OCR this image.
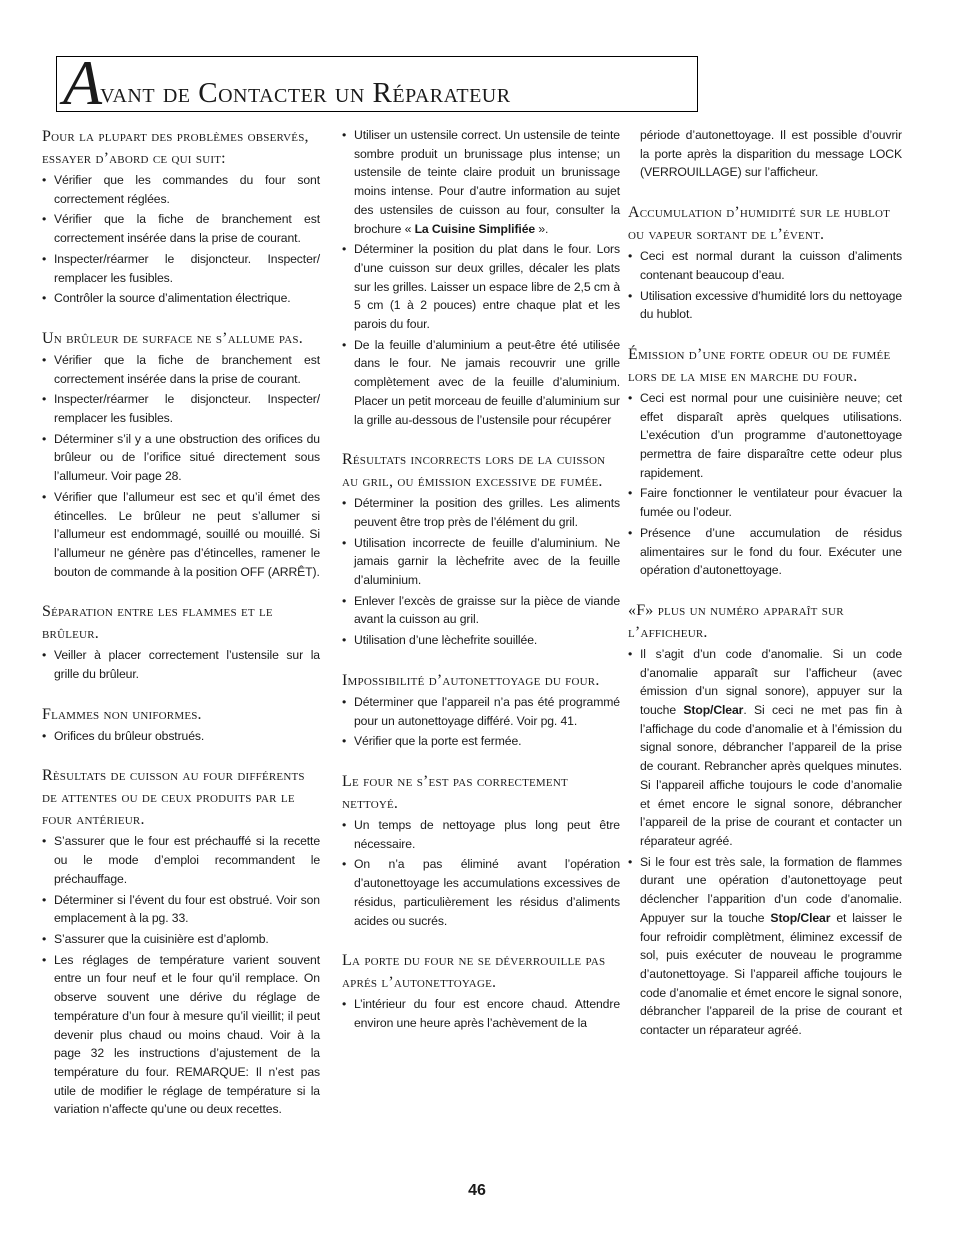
A
vant de Contacter un Réparateur
Pour la plupart des problèmes observés, essayer d’abord ce qui suit:
• Vérifier que les commandes du four sont correctement réglées.
• Vérifier que la fiche de branchement est correctement insérée dans la prise de courant.
• Inspecter/réarmer le disjoncteur. Inspecter/ remplacer les fusibles.
• Contrôler la source d’alimentation électrique.
Un brûleur de surface ne s’allume pas.
• Vérifier que la fiche de branchement est correctement insérée dans la prise de courant.
• Inspecter/réarmer le disjoncteur. Inspecter/ remplacer les fusibles.
• Déterminer s’il y a une obstruction des orifices du brûleur ou de l’orifice situé directement sous l’allumeur. Voir page 28.
• Vérifier que l’allumeur est sec et qu’il émet des étincelles. Le brûleur ne peut s’allumer si l’allumeur est endommagé, souillé ou mouillé. Si l’allumeur ne génère pas d’étincelles, ramener le bouton de commande à la position OFF (ARRÊT).
Séparation entre les flammes et le brûleur.
• Veiller à placer correctement l’ustensile sur la grille du brûleur.
Flammes non uniformes.
• Orifices du brûleur obstrués.
Rèsultats de cuisson au four différents de attentes ou de ceux produits par le four antérieur.
• S’assurer que le four est préchauffé si la recette ou le mode d’emploi recommandent le préchauffage.
• Déterminer si l’évent du four est obstrué. Voir son emplacement à la pg. 33.
• S’assurer que la cuisinière est d’aplomb.
• Les réglages de température varient souvent entre un four neuf et le four qu’il remplace. On observe souvent une dérive du réglage de température d’un four à mesure qu’il vieillit; il peut devenir plus chaud ou moins chaud. Voir à la page 32 les instructions d’ajustement de la température du four. REMARQUE: Il n’est pas utile de modifier le réglage de température si la variation n’affecte qu’une ou deux recettes.
• Utiliser un ustensile correct. Un ustensile de teinte sombre produit un brunissage plus intense; un ustensile de teinte claire produit un brunissage moins intense. Pour d’autre information au sujet des ustensiles de cuisson au four, consulter la brochure « La Cuisine Simplifiée ».
• Déterminer la position du plat dans le four. Lors d’une cuisson sur deux grilles, décaler les plats sur les grilles. Laisser un espace libre de 2,5 cm à 5 cm (1 à 2 pouces) entre chaque plat et les parois du four.
• De la feuille d’aluminium a peut-être été utilisée dans le four. Ne jamais recouvrir une grille complètement avec de la feuille d’aluminium. Placer un petit morceau de feuille d’aluminium sur la grille au-dessous de l’ustensile pour récupérer
Résultats incorrects lors de la cuisson au gril, ou émission excessive de fumée.
• Déterminer la position des grilles. Les aliments peuvent être trop près de l’élément du gril.
• Utilisation incorrecte de feuille d’aluminium. Ne jamais garnir la lèchefrite avec de la feuille d’aluminium.
• Enlever l’excès de graisse sur la pièce de viande avant la cuisson au gril.
• Utilisation d’une lèchefrite souillée.
Impossibilité d’autonettoyage du four.
• Déterminer que l’appareil n’a pas été programmé pour un autonettoyage différé. Voir pg. 41.
• Vérifier que la porte est fermée.
Le four ne s’est pas correctement nettoyé.
• Un temps de nettoyage plus long peut être nécessaire.
• On n’a pas éliminé avant l’opération d’autonettoyage les accumulations excessives de résidus, particulièrement les résidus d’aliments acides ou sucrés.
La porte du four ne se déverrouille pas aprés l’autonettoyage.
• L’intérieur du four est encore chaud. Attendre environ une heure après l’achèvement de la
période d’autonettoyage. Il est possible d’ouvrir la porte après la disparition du message LOCK (VERROUILLAGE) sur l’afficheur.
Accumulation d’humidité sur le hublot ou vapeur sortant de l’évent.
• Ceci est normal durant la cuisson d’aliments contenant beaucoup d’eau.
• Utilisation excessive d’humidité lors du nettoyage du hublot.
Émission d’une forte odeur ou de fumée lors de la mise en marche du four.
• Ceci est normal pour une cuisinière neuve; cet effet disparaît après quelques utilisations. L’exécution d’un programme d’autonettoyage permettra de faire disparaître cette odeur plus rapidement.
• Faire fonctionner le ventilateur pour évacuer la fumée ou l’odeur.
• Présence d’une accumulation de résidus alimentaires sur le fond du four. Exécuter une opération d’autonettoyage.
«F» plus un numéro apparaît sur l’afficheur.
• Il s’agit d’un code d’anomalie. Si un code d’anomalie apparaît sur l’afficheur (avec émission d’un signal sonore), appuyer sur la touche Stop/Clear. Si ceci ne met pas fin à l’affichage du code d’anomalie et à l’émission du signal sonore, débrancher l’appareil de la prise de courant. Rebrancher après quelques minutes. Si l’appareil affiche toujours le code d’anomalie et émet encore le signal sonore, débrancher l’appareil de la prise de courant et contacter un réparateur agréé.
• Si le four est très sale, la formation de flammes durant une opération d’autonettoyage peut déclencher l’apparition d’un code d’anomalie. Appuyer sur la touche Stop/Clear et laisser le four refroidir complètment, éliminez excessif de sol, puis exécuter de nouveau le programme d’autonettoyage. Si l’appareil affiche toujours le code d’anomalie et émet encore le signal sonore, débrancher l’appareil de la prise de courant et contacter un réparateur agréé.
46
